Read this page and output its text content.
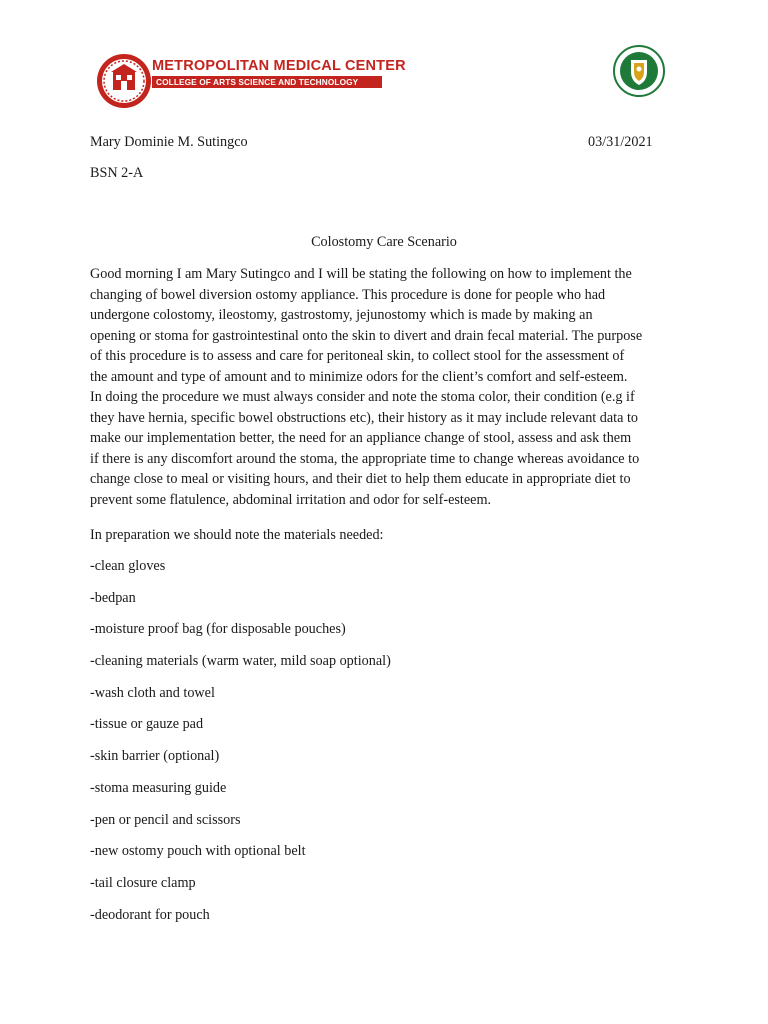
METROPOLITAN MEDICAL CENTER
COLLEGE OF ARTS SCIENCE AND TECHNOLOGY
Mary Dominie M. Sutingco	03/31/2021
BSN 2-A
Colostomy Care Scenario
Good morning I am Mary Sutingco and I will be stating the following on how to implement the
changing of bowel diversion ostomy appliance. This procedure is done for people who had
undergone colostomy, ileostomy, gastrostomy, jejunostomy which is made by making an
opening or stoma for gastrointestinal onto the skin to divert and drain fecal material. The purpose
of this procedure is to assess and care for peritoneal skin, to collect stool for the assessment of
the amount and type of amount and to minimize odors for the client’s comfort and self-esteem.
In doing the procedure we must always consider and note the stoma color, their condition (e.g if
they have hernia, specific bowel obstructions etc), their history as it may include relevant data to
make our implementation better, the need for an appliance change of stool, assess and ask them
if there is any discomfort around the stoma, the appropriate time to change whereas avoidance to
change close to meal or visiting hours, and their diet to help them educate in appropriate diet to
prevent some flatulence, abdominal irritation and odor for self-esteem.
In preparation we should note the materials needed:
-clean gloves
-bedpan
-moisture proof bag (for disposable pouches)
-cleaning materials (warm water, mild soap optional)
-wash cloth and towel
-tissue or gauze pad
-skin barrier (optional)
-stoma measuring guide
-pen or pencil and scissors
-new ostomy pouch with optional belt
-tail closure clamp
-deodorant for pouch
